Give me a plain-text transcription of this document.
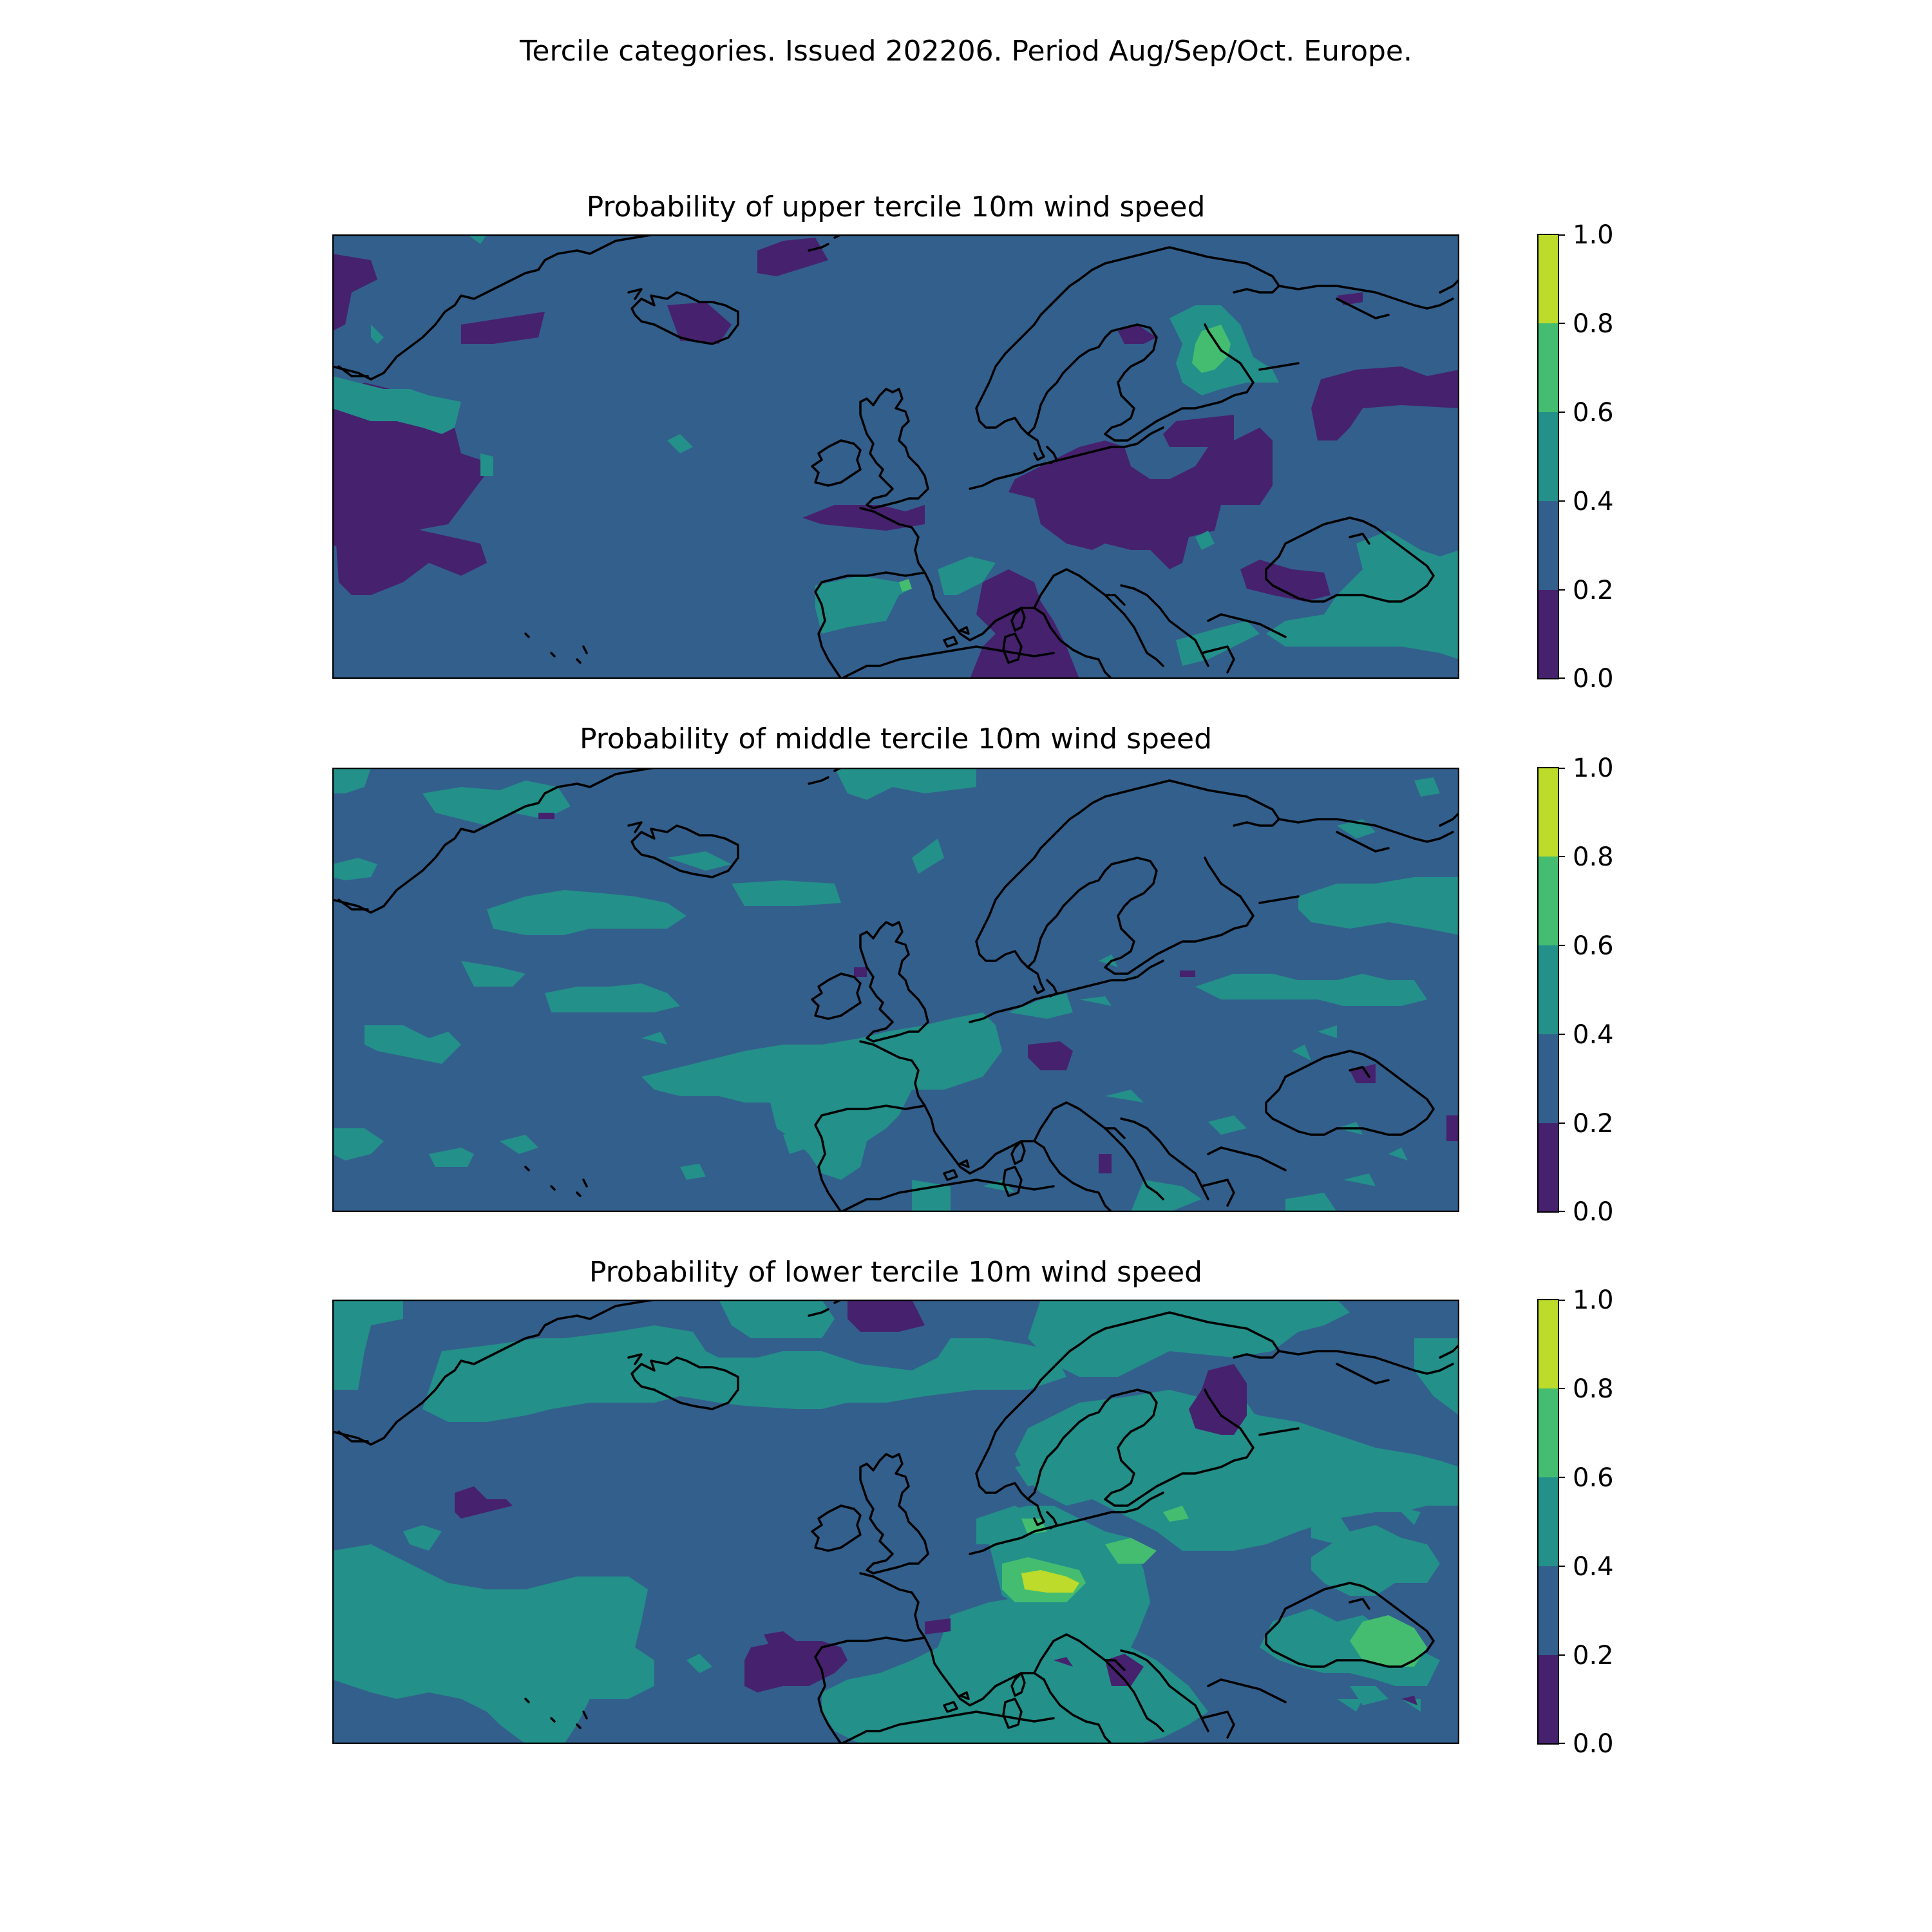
Tercile categories. Issued 202206. Period Aug/Sep/Oct. Europe.
Probability of upper tercile 10m wind speed
1.0
0.8
0.6
0.4
0.2
0.0
Probability of middle tercile 10m wind speed
1.0
0.8
0.6
0.4
0.2
0.0
Probability of lower tercile 10m wind speed
1.0
0.8
0.6
0.4
0.2
0.0
